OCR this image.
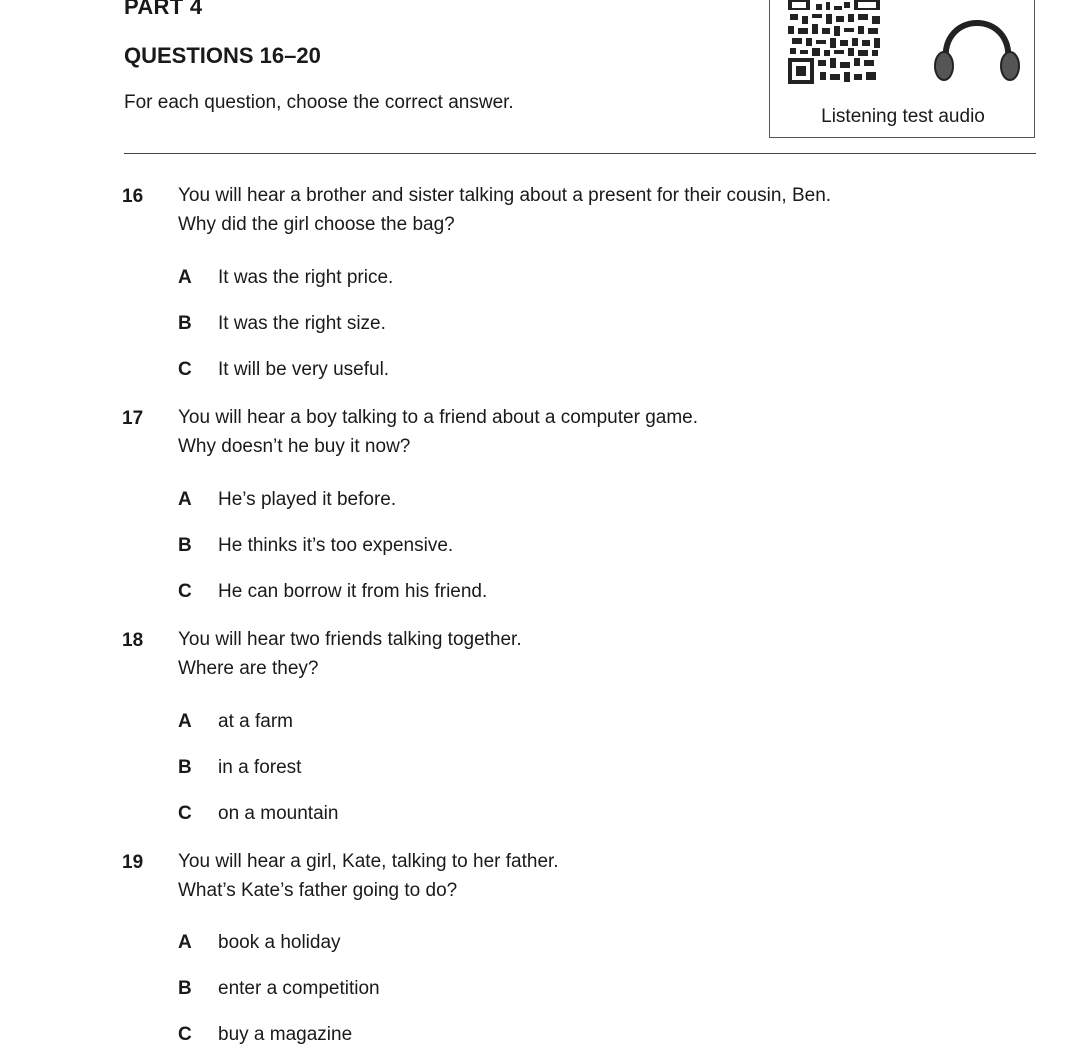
PART 4
QUESTIONS 16–20
For each question, choose the correct answer.
Listening test audio
16 You will hear a brother and sister talking about a present for their cousin, Ben.
Why did the girl choose the bag?
A It was the right price.
B It was the right size.
C It will be very useful.
17 You will hear a boy talking to a friend about a computer game.
Why doesn’t he buy it now?
A He’s played it before.
B He thinks it’s too expensive.
C He can borrow it from his friend.
18 You will hear two friends talking together.
Where are they?
A at a farm
B in a forest
C on a mountain
19 You will hear a girl, Kate, talking to her father.
What’s Kate’s father going to do?
A book a holiday
B enter a competition
C buy a magazine
